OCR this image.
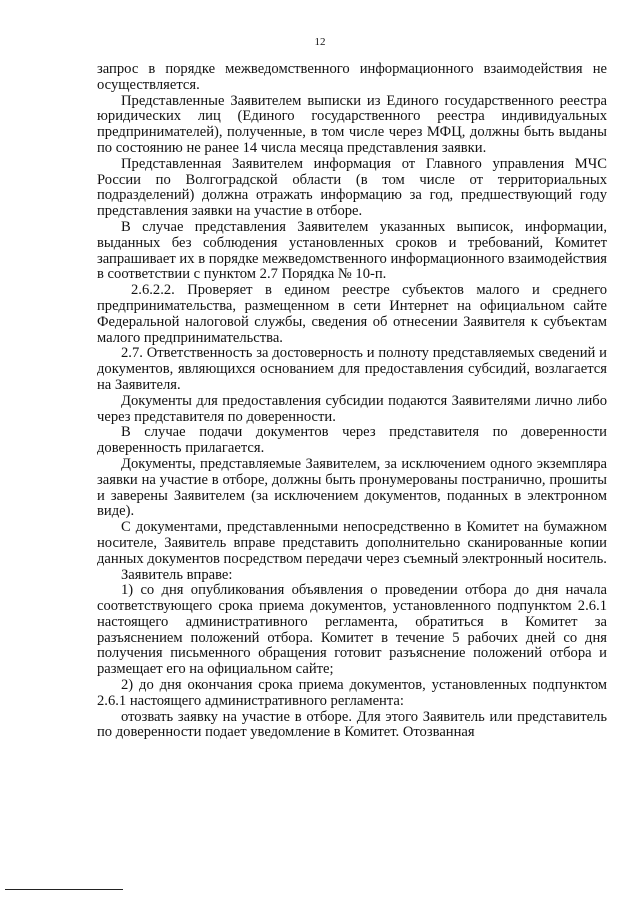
12

запрос в порядке межведомственного информационного взаимодействия не осуществляется.

Представленные Заявителем выписки из Единого государственного реестра юридических лиц (Единого государственного реестра индивидуальных предпринимателей), полученные, в том числе через МФЦ, должны быть выданы по состоянию не ранее 14 числа месяца представления заявки.

Представленная Заявителем информация от Главного управления МЧС России по Волгоградской области (в том числе от территориальных подразделений) должна отражать информацию за год, предшествующий году представления заявки на участие в отборе.

В случае представления Заявителем указанных выписок, информации, выданных без соблюдения установленных сроков и требований, Комитет запрашивает их в порядке межведомственного информационного взаимодействия в соответствии с пунктом 2.7 Порядка № 10-п.

2.6.2.2. Проверяет в едином реестре субъектов малого и среднего предпринимательства, размещенном в сети Интернет на официальном сайте Федеральной налоговой службы, сведения об отнесении Заявителя к субъектам малого предпринимательства.

2.7. Ответственность за достоверность и полноту представляемых сведений и документов, являющихся основанием для предоставления субсидий, возлагается на Заявителя.

Документы для предоставления субсидии подаются Заявителями лично либо через представителя по доверенности.

В случае подачи документов через представителя по доверенности доверенность прилагается.

Документы, представляемые Заявителем, за исключением одного экземпляра заявки на участие в отборе, должны быть пронумерованы постранично, прошиты и заверены Заявителем (за исключением документов, поданных в электронном виде).

С документами, представленными непосредственно в Комитет на бумажном носителе, Заявитель вправе представить дополнительно сканированные копии данных документов посредством передачи через съемный электронный носитель.

Заявитель вправе:

1) со дня опубликования объявления о проведении отбора до дня начала соответствующего срока приема документов, установленного подпунктом 2.6.1 настоящего административного регламента, обратиться в Комитет за разъяснением положений отбора. Комитет в течение 5 рабочих дней со дня получения письменного обращения готовит разъяснение положений отбора и размещает его на официальном сайте;

2) до дня окончания срока приема документов, установленных подпунктом 2.6.1 настоящего административного регламента:

отозвать заявку на участие в отборе. Для этого Заявитель или представитель по доверенности подает уведомление в Комитет. Отозванная
